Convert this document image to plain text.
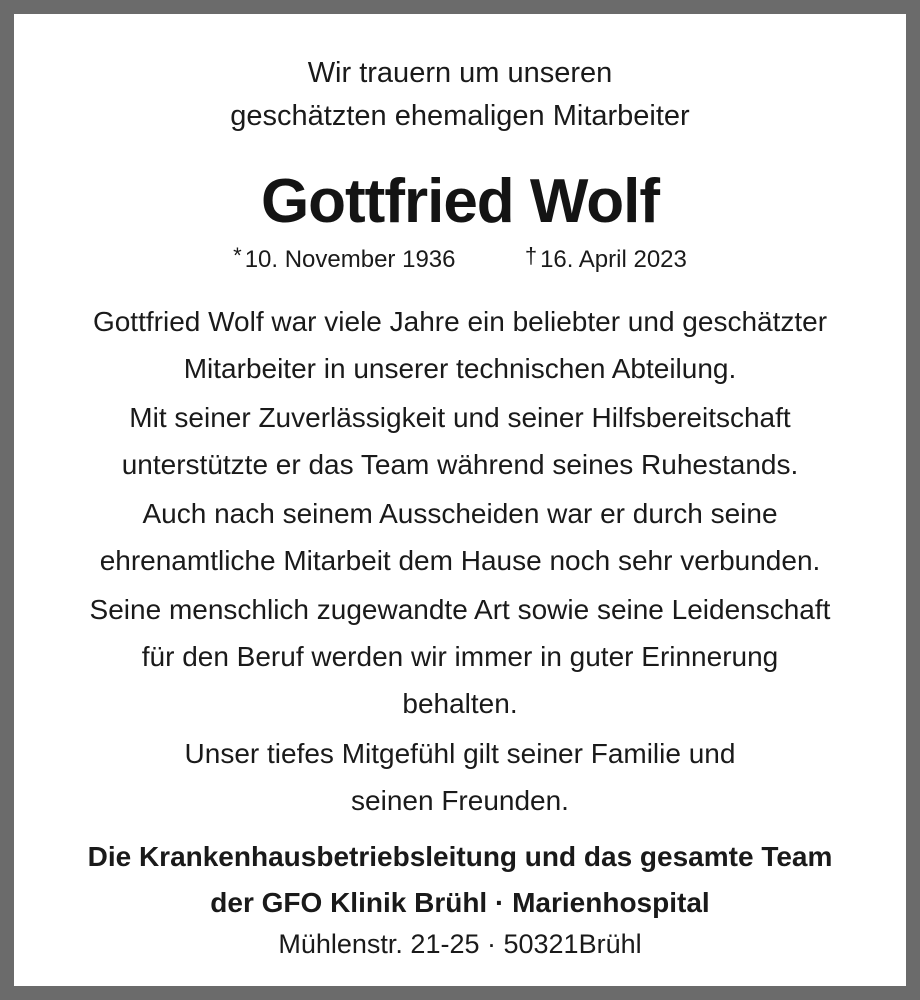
Wir trauern um unseren
geschätzten ehemaligen Mitarbeiter
Gottfried Wolf
* 10. November 1936	† 16. April 2023
Gottfried Wolf war viele Jahre ein beliebter und geschätzter
Mitarbeiter in unserer technischen Abteilung.
Mit seiner Zuverlässigkeit und seiner Hilfsbereitschaft
unterstützte er das Team während seines Ruhestands.
Auch nach seinem Ausscheiden war er durch seine
ehrenamtliche Mitarbeit dem Hause noch sehr verbunden.
Seine menschlich zugewandte Art sowie seine Leidenschaft
für den Beruf werden wir immer in guter Erinnerung
behalten.
Unser tiefes Mitgefühl gilt seiner Familie und
seinen Freunden.
Die Krankenhausbetriebsleitung und das gesamte Team
der GFO Klinik Brühl · Marienhospital
Mühlenstr. 21-25 · 50321Brühl
